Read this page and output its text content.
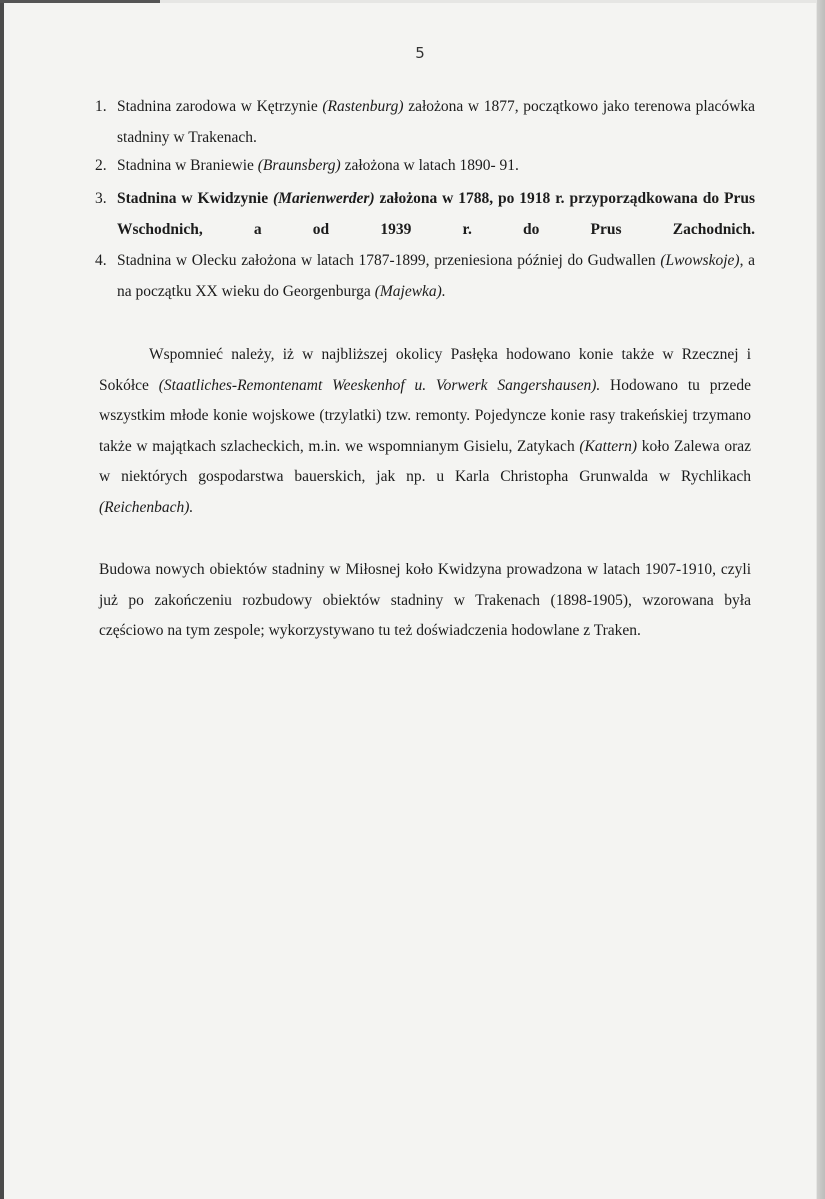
5
1. Stadnina zarodowa w Kętrzynie (Rastenburg) założona w 1877, początkowo jako terenowa placówka stadniny w Trakenach.
2. Stadnina w Braniewie (Braunsberg) założona w latach 1890- 91.
3. Stadnina w Kwidzynie (Marienwerder) założona w 1788, po 1918 r. przyporządkowana do Prus Wschodnich, a od 1939 r. do Prus Zachodnich.
4. Stadnina w Olecku założona w latach 1787-1899, przeniesiona później do Gudwallen (Lwowskoje), a na początku XX wieku do Georgenburga (Majewka).
Wspomnieć należy, iż w najbliższej okolicy Pasłęka hodowano konie także w Rzecznej i Sokółce (Staatliches-Remontenamt Weeskenhof u. Vorwerk Sangershausen). Hodowano tu przede wszystkim młode konie wojskowe (trzylatki) tzw. remonty. Pojedyncze konie rasy trakeńskiej trzymano także w majątkach szlacheckich, m.in. we wspomnianym Gisielu, Zatykach (Kattern) koło Zalewa oraz w niektórych gospodarstwa bauerskich, jak np. u Karla Christopha Grunwalda w Rychlikach (Reichenbach).
Budowa nowych obiektów stadniny w Miłosnej koło Kwidzyna prowadzona w latach 1907-1910, czyli już po zakończeniu rozbudowy obiektów stadniny w Trakenach (1898-1905), wzorowana była częściowo na tym zespole; wykorzystywano tu też doświadczenia hodowlane z Traken.
